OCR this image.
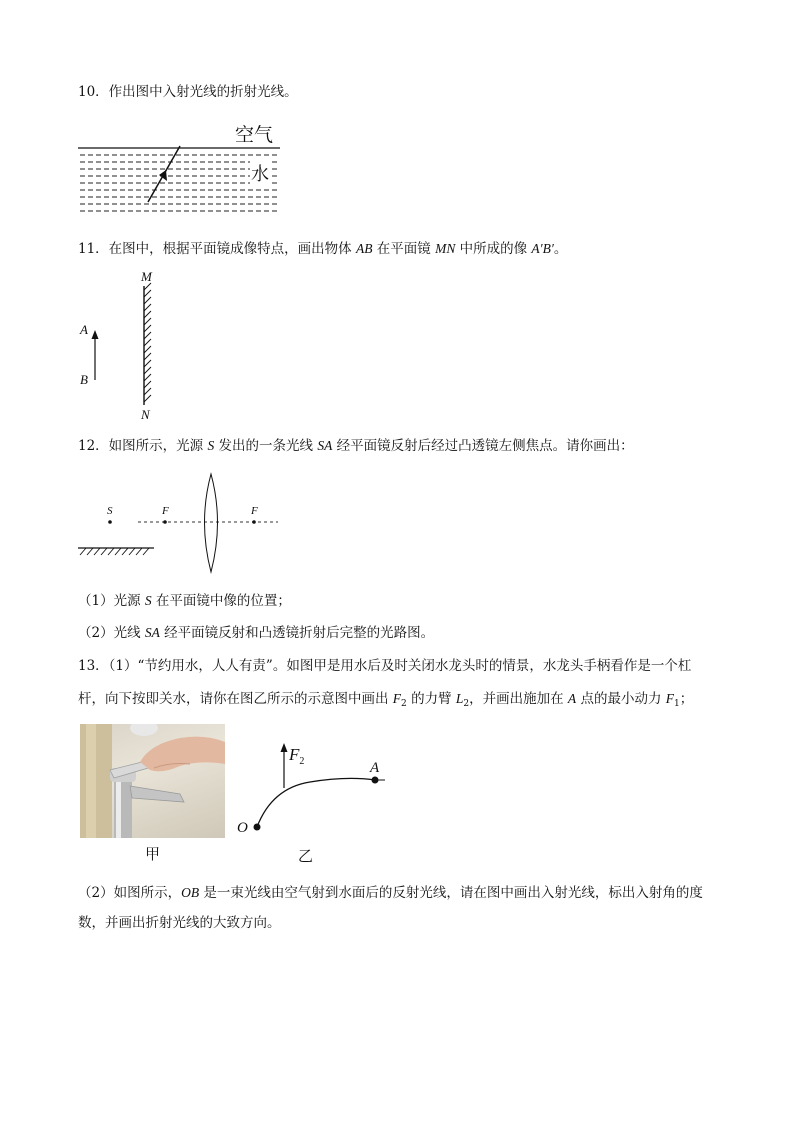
10．作出图中入射光线的折射光线。
空气
水
11．在图中，根据平面镜成像特点，画出物体 AB 在平面镜 MN 中所成的像 A′B′。
M
N
A
B
12．如图所示，光源 S 发出的一条光线 SA 经平面镜反射后经过凸透镜左侧焦点。请你画出：
S	F	F
（1）光源 S 在平面镜中像的位置；
（2）光线 SA 经平面镜反射和凸透镜折射后完整的光路图。
13．（1）“节约用水，人人有责”。如图甲是用水后及时关闭水龙头时的情景，水龙头手柄看作是一个杠
杆，向下按即关水，请你在图乙所示的示意图中画出 $F_2$ 的力臂 $L_2$，并画出施加在 A 点的最小动力 $F_1$；
甲
$F_2$	A
O
乙
（2）如图所示，OB 是一束光线由空气射到水面后的反射光线，请在图中画出入射光线，标出入射角的度
数，并画出折射光线的大致方向。
